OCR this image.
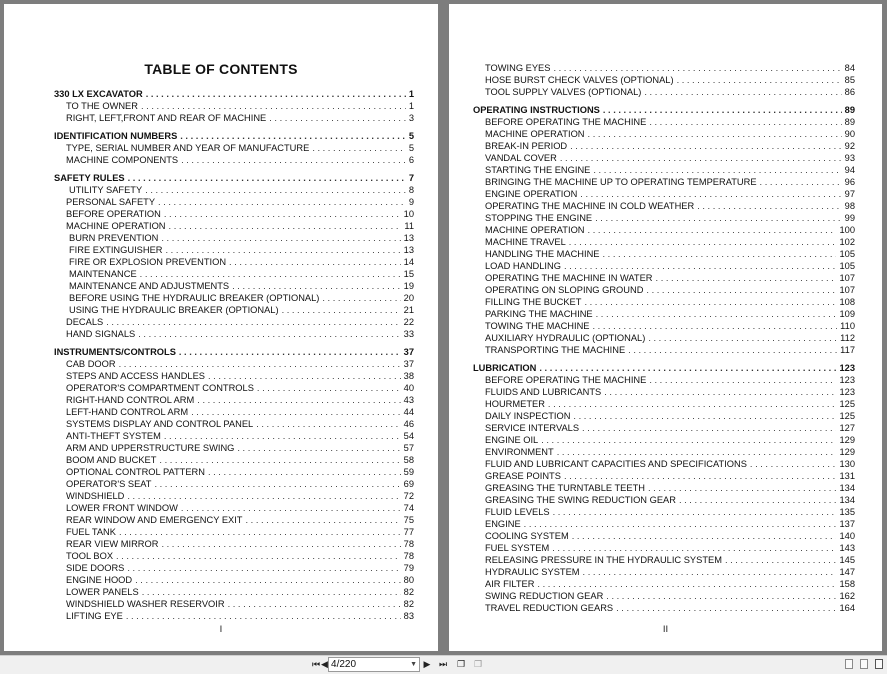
TABLE OF CONTENTS
330 LX EXCAVATOR . . .	1
TO THE OWNER . . .	1
RIGHT, LEFT,FRONT AND REAR OF MACHINE . . .	3
IDENTIFICATION NUMBERS . . .	5
TYPE, SERIAL NUMBER AND YEAR OF MANUFACTURE . . .	5
MACHINE COMPONENTS . . .	6
SAFETY RULES . . .	7
UTILITY SAFETY . . .	8
PERSONAL SAFETY . . .	9
BEFORE OPERATION . . .	10
MACHINE OPERATION . . .	11
BURN PREVENTION . . .	13
FIRE EXTINGUISHER . . .	13
FIRE OR EXPLOSION PREVENTION . . .	14
MAINTENANCE . . .	15
MAINTENANCE AND ADJUSTMENTS . . .	19
BEFORE USING THE HYDRAULIC BREAKER (OPTIONAL) . . .	20
USING THE HYDRAULIC BREAKER (OPTIONAL) . . .	21
DECALS . . .	22
HAND SIGNALS . . .	33
INSTRUMENTS/CONTROLS . . .	37
CAB DOOR . . .	37
STEPS AND ACCESS HANDLES . . .	38
OPERATOR'S COMPARTMENT CONTROLS . . .	40
RIGHT-HAND CONTROL ARM . . .	43
LEFT-HAND CONTROL ARM . . .	44
SYSTEMS DISPLAY AND CONTROL PANEL . . .	46
ANTI-THEFT SYSTEM . . .	54
ARM AND UPPERSTRUCTURE SWING . . .	57
BOOM AND BUCKET . . .	58
OPTIONAL CONTROL PATTERN . . .	59
OPERATOR'S SEAT . . .	69
WINDSHIELD . . .	72
LOWER FRONT WINDOW . . .	74
REAR WINDOW AND EMERGENCY EXIT . . .	75
FUEL TANK . . .	77
REAR VIEW MIRROR . . .	78
TOOL BOX . . .	78
SIDE DOORS . . .	79
ENGINE HOOD . . .	80
LOWER PANELS . . .	82
WINDSHIELD WASHER RESERVOIR . . .	82
LIFTING EYE . . .	83
I
TOWING EYES . . .	84
HOSE BURST CHECK VALVES (OPTIONAL) . . .	85
TOOL SUPPLY VALVES (OPTIONAL) . . .	86
OPERATING INSTRUCTIONS . . .	89
BEFORE OPERATING THE MACHINE . . .	89
MACHINE OPERATION . . .	90
BREAK-IN PERIOD . . .	92
VANDAL COVER . . .	93
STARTING THE ENGINE . . .	94
BRINGING THE MACHINE UP TO OPERATING TEMPERATURE . . .	96
ENGINE OPERATION . . .	97
OPERATING THE MACHINE IN COLD WEATHER . . .	98
STOPPING THE ENGINE . . .	99
MACHINE OPERATION . . .	100
MACHINE TRAVEL . . .	102
HANDLING THE MACHINE . . .	105
LOAD HANDLING . . .	105
OPERATING THE MACHINE IN WATER . . .	107
OPERATING ON SLOPING GROUND . . .	107
FILLING THE BUCKET . . .	108
PARKING THE MACHINE . . .	109
TOWING THE MACHINE . . .	110
AUXILIARY HYDRAULIC (OPTIONAL) . . .	112
TRANSPORTING THE MACHINE . . .	117
LUBRICATION . . .	123
BEFORE OPERATING THE MACHINE . . .	123
FLUIDS AND LUBRICANTS . . .	123
HOURMETER . . .	125
DAILY INSPECTION . . .	125
SERVICE INTERVALS . . .	127
ENGINE OIL . . .	129
ENVIRONMENT . . .	129
FLUID AND LUBRICANT CAPACITIES AND SPECIFICATIONS . . .	130
GREASE POINTS . . .	131
GREASING THE TURNTABLE TEETH . . .	134
GREASING THE SWING REDUCTION GEAR . . .	134
FLUID LEVELS . . .	135
ENGINE . . .	137
COOLING SYSTEM . . .	140
FUEL SYSTEM . . .	143
RELEASING PRESSURE IN THE HYDRAULIC SYSTEM . . .	145
HYDRAULIC SYSTEM . . .	147
AIR FILTER . . .	158
SWING REDUCTION GEAR . . .	162
TRAVEL REDUCTION GEARS . . .	164
II
⏮ ◀ 4/220	▼ ▶ ⏭ ❐ ❐
